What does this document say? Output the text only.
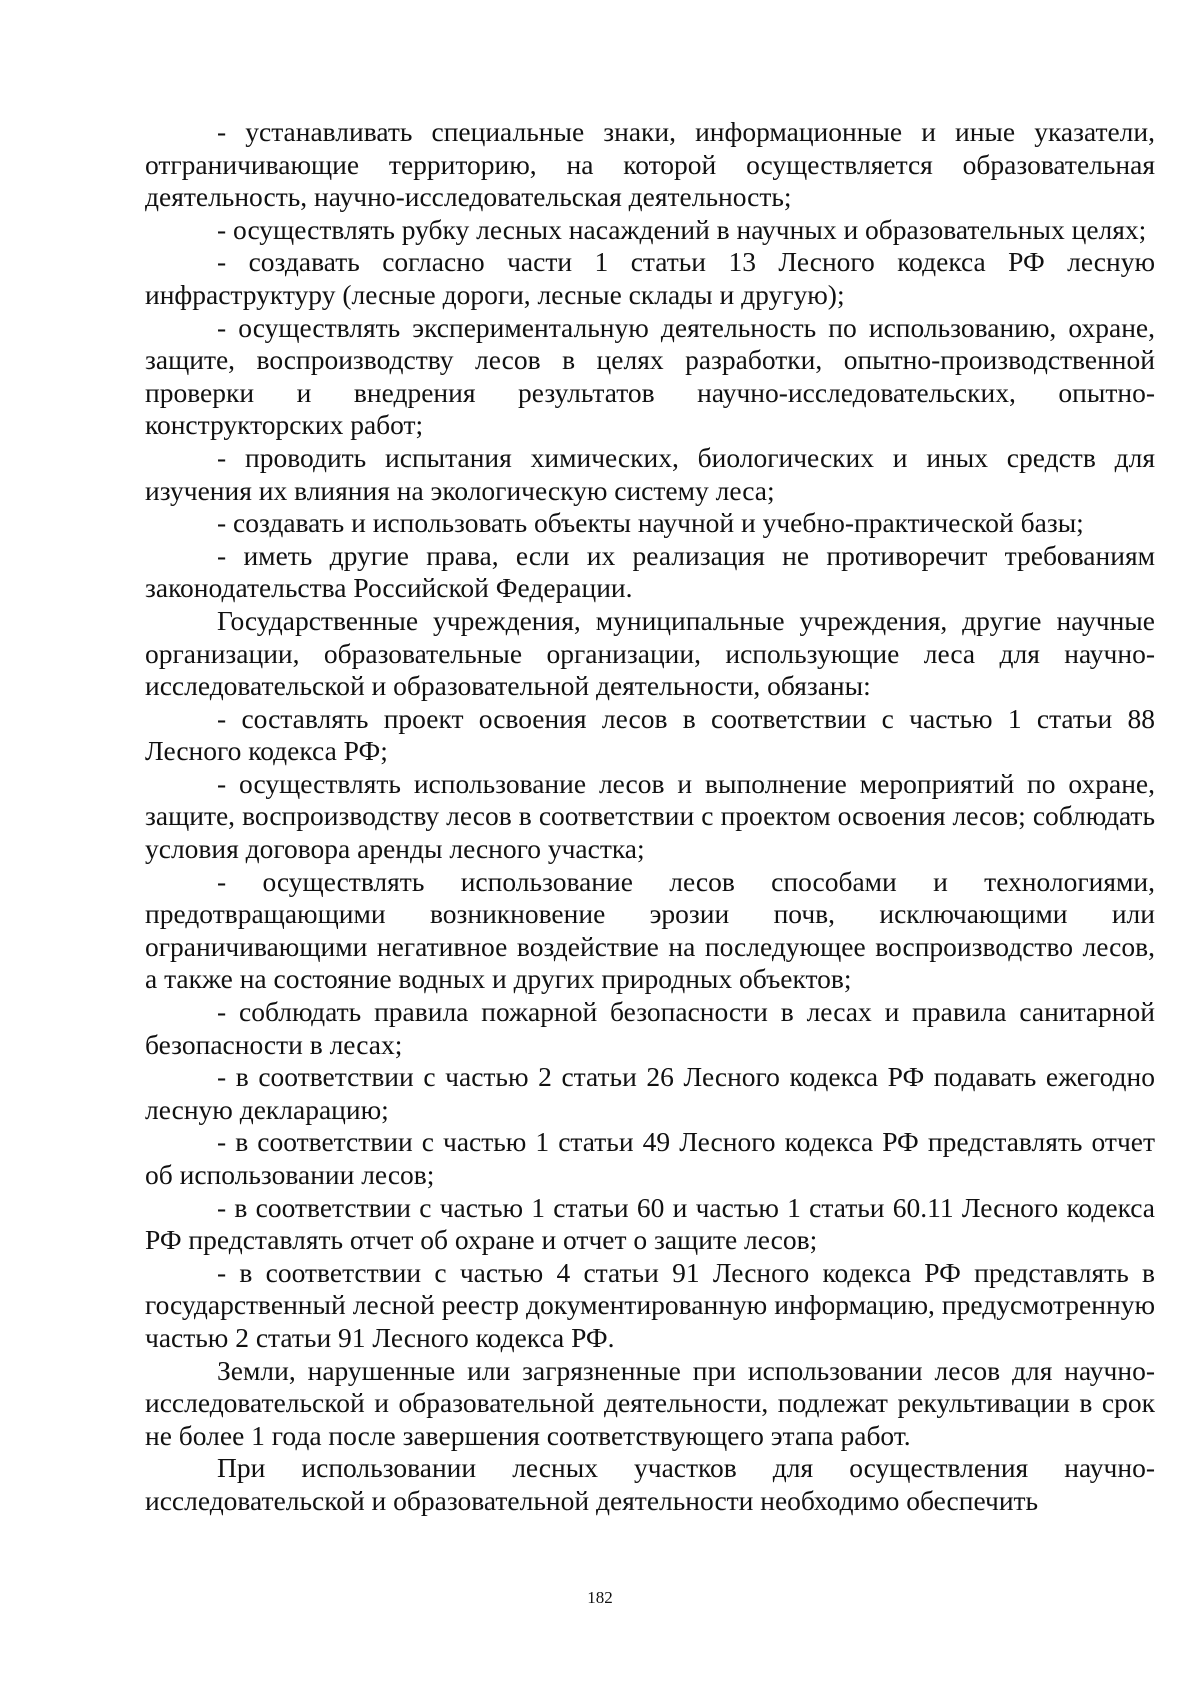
- устанавливать специальные знаки, информационные и иные указатели, отграничивающие территорию, на которой осуществляется образовательная деятельность, научно-исследовательская деятельность;

- осуществлять рубку лесных насаждений в научных и образовательных целях;

- создавать согласно части 1 статьи 13 Лесного кодекса РФ лесную инфраструктуру (лесные дороги, лесные склады и другую);

- осуществлять экспериментальную деятельность по использованию, охране, защите, воспроизводству лесов в целях разработки, опытно-производственной проверки и внедрения результатов научно-исследовательских, опытно-конструкторских работ;

- проводить испытания химических, биологических и иных средств для изучения их влияния на экологическую систему леса;

- создавать и использовать объекты научной и учебно-практической базы;

- иметь другие права, если их реализация не противоречит требованиям законодательства Российской Федерации.

Государственные учреждения, муниципальные учреждения, другие научные организации, образовательные организации, использующие леса для научно-исследовательской и образовательной деятельности, обязаны:

- составлять проект освоения лесов в соответствии с частью 1 статьи 88 Лесного кодекса РФ;

- осуществлять использование лесов и выполнение мероприятий по охране, защите, воспроизводству лесов в соответствии с проектом освоения лесов; соблюдать условия договора аренды лесного участка;

- осуществлять использование лесов способами и технологиями, предотвращающими возникновение эрозии почв, исключающими или ограничивающими негативное воздействие на последующее воспроизводство лесов, а также на состояние водных и других природных объектов;

- соблюдать правила пожарной безопасности в лесах и правила санитарной безопасности в лесах;

- в соответствии с частью 2 статьи 26 Лесного кодекса РФ подавать ежегодно лесную декларацию;

- в соответствии с частью 1 статьи 49 Лесного кодекса РФ представлять отчет об использовании лесов;

- в соответствии с частью 1 статьи 60 и частью 1 статьи 60.11 Лесного кодекса РФ представлять отчет об охране и отчет о защите лесов;

- в соответствии с частью 4 статьи 91 Лесного кодекса РФ представлять в государственный лесной реестр документированную информацию, предусмотренную частью 2 статьи 91 Лесного кодекса РФ.

Земли, нарушенные или загрязненные при использовании лесов для научно-исследовательской и образовательной деятельности, подлежат рекультивации в срок не более 1 года после завершения соответствующего этапа работ.

При использовании лесных участков для осуществления научно-исследовательской и образовательной деятельности необходимо обеспечить

182
